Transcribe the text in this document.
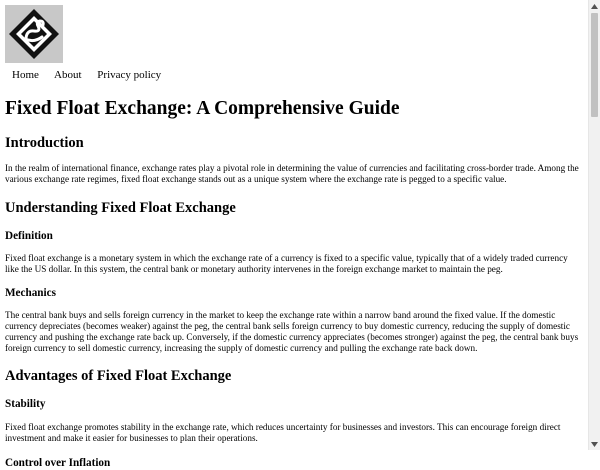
Home About Privacy policy
Fixed Float Exchange: A Comprehensive Guide
Introduction

In the realm of international finance, exchange rates play a pivotal role in determining the value of currencies and facilitating cross-border trade. Among the various exchange rate regimes, fixed float exchange stands out as a unique system where the exchange rate is pegged to a specific value.

Understanding Fixed Float Exchange
Definition

Fixed float exchange is a monetary system in which the exchange rate of a currency is fixed to a specific value, typically that of a widely traded currency like the US dollar. In this system, the central bank or monetary authority intervenes in the foreign exchange market to maintain the peg.

Mechanics

The central bank buys and sells foreign currency in the market to keep the exchange rate within a narrow band around the fixed value. If the domestic currency depreciates (becomes weaker) against the peg, the central bank sells foreign currency to buy domestic currency, reducing the supply of domestic currency and pushing the exchange rate back up. Conversely, if the domestic currency appreciates (becomes stronger) against the peg, the central bank buys foreign currency to sell domestic currency, increasing the supply of domestic currency and pulling the exchange rate back down.

Advantages of Fixed Float Exchange
Stability

Fixed float exchange promotes stability in the exchange rate, which reduces uncertainty for businesses and investors. This can encourage foreign direct investment and make it easier for businesses to plan their operations.

Control over Inflation
